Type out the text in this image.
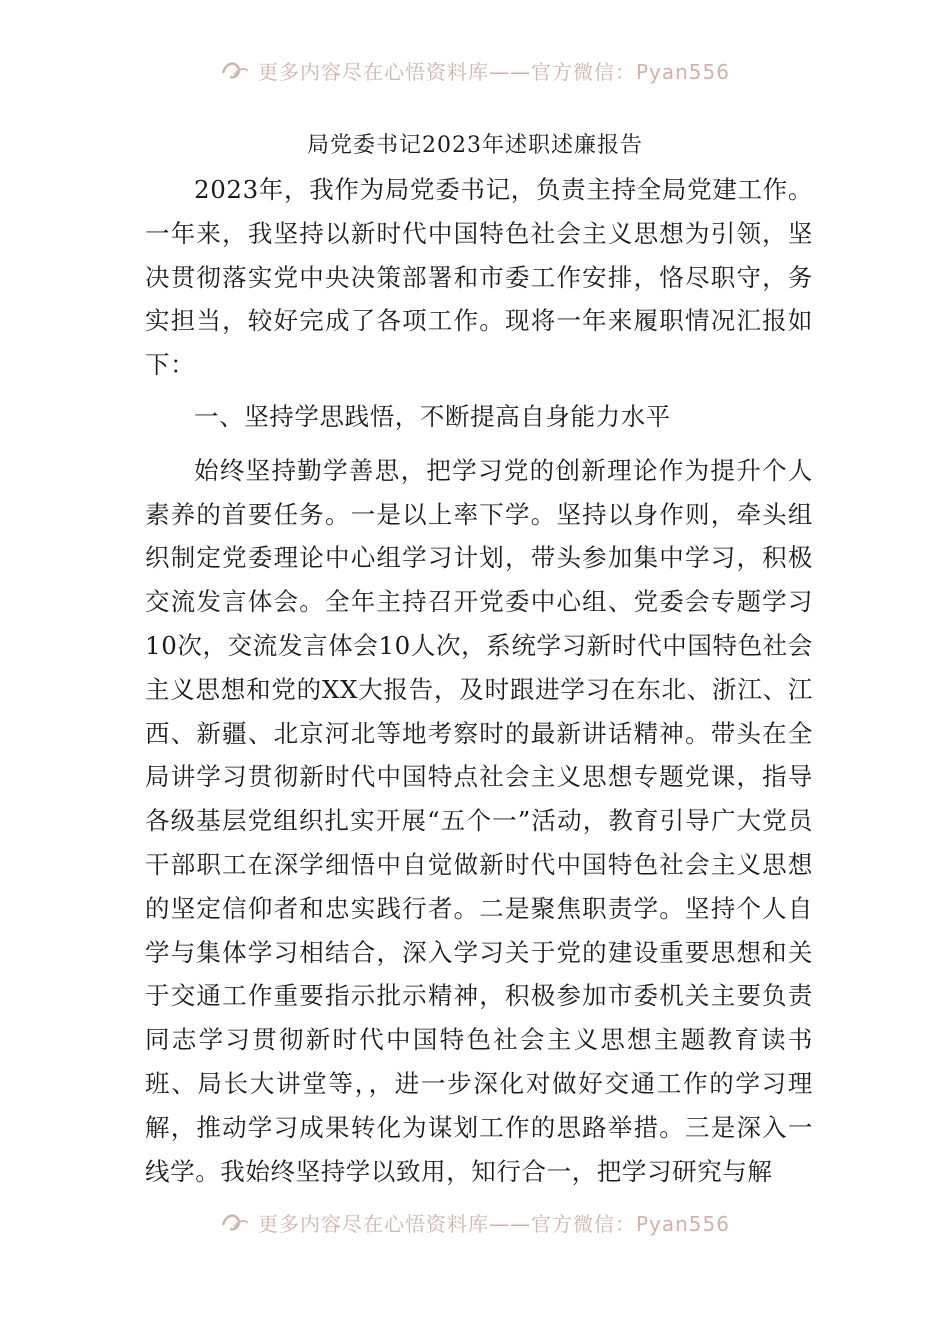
更多内容尽在心悟资料库——官方微信：Pyan556
局党委书记2023年述职述廉报告

2023年，我作为局党委书记，负责主持全局党建工作。一年来，我坚持以新时代中国特色社会主义思想为引领，坚决贯彻落实党中央决策部署和市委工作安排，恪尽职守，务实担当，较好完成了各项工作。现将一年来履职情况汇报如下：

一、坚持学思践悟，不断提高自身能力水平

始终坚持勤学善思，把学习党的创新理论作为提升个人素养的首要任务。一是以上率下学。坚持以身作则，牵头组织制定党委理论中心组学习计划，带头参加集中学习，积极交流发言体会。全年主持召开党委中心组、党委会专题学习10次，交流发言体会10人次，系统学习新时代中国特色社会主义思想和党的XX大报告，及时跟进学习在东北、浙江、江西、新疆、北京河北等地考察时的最新讲话精神。带头在全局讲学习贯彻新时代中国特点社会主义思想专题党课，指导各级基层党组织扎实开展“五个一”活动，教育引导广大党员干部职工在深学细悟中自觉做新时代中国特色社会主义思想的坚定信仰者和忠实践行者。二是聚焦职责学。坚持个人自学与集体学习相结合，深入学习关于党的建设重要思想和关于交通工作重要指示批示精神，积极参加市委机关主要负责同志学习贯彻新时代中国特色社会主义思想主题教育读书班、局长大讲堂等，，进一步深化对做好交通工作的学习理解，推动学习成果转化为谋划工作的思路举措。三是深入一线学。我始终坚持学以致用，知行合一，把学习研究与解

更多内容尽在心悟资料库——官方微信：Pyan556
